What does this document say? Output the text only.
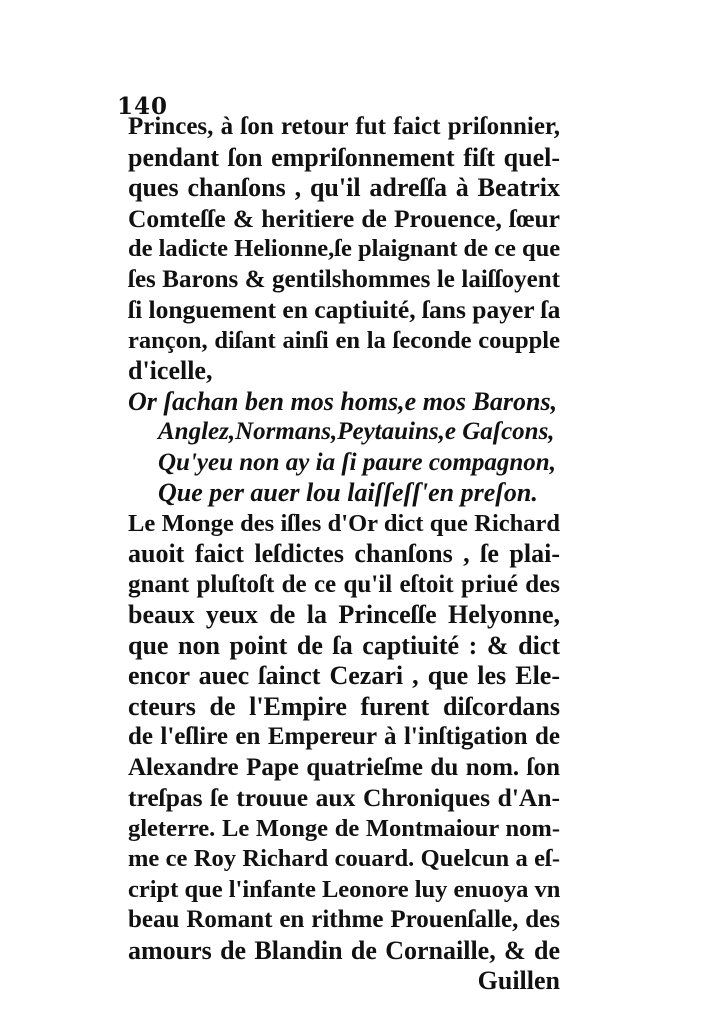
140
Princes, à ſon retour fut faict priſonnier,
pendant ſon empriſonnement fiſt quel-
ques chanſons , qu'il adreſſa à Beatrix
Comteſſe & heritiere de Prouence, ſœur
de ladicte Helionne,ſe plaignant de ce que
ſes Barons & gentilshommes le laiſſoyent
ſi longuement en captiuité, ſans payer ſa
rançon, diſant ainſi en la ſeconde coupple
d'icelle,
Or ſachan ben mos homs,e mos Barons,
Anglez,Normans,Peytauins,e Gaſcons,
Qu'yeu non ay ia ſi paure compagnon,
Que per auer lou laiſſeſſ'en preſon.
Le Monge des iſles d'Or dict que Richard
auoit faict leſdictes chanſons , ſe plai-
gnant pluſtoſt de ce qu'il eſtoit priué des
beaux yeux de la Princeſſe Helyonne,
que non point de ſa captiuité : & dict
encor auec ſainct Cezari , que les Ele-
cteurs de l'Empire furent diſcordans
de l'eſlire en Empereur à l'inſtigation de
Alexandre Pape quatrieſme du nom. ſon
treſpas ſe trouue aux Chroniques d'An-
gleterre. Le Monge de Montmaiour nom-
me ce Roy Richard couard. Quelcun a eſ-
cript que l'infante Leonore luy enuoya vn
beau Romant en rithme Prouenſalle, des
amours de Blandin de Cornaille, & de
Guillen
